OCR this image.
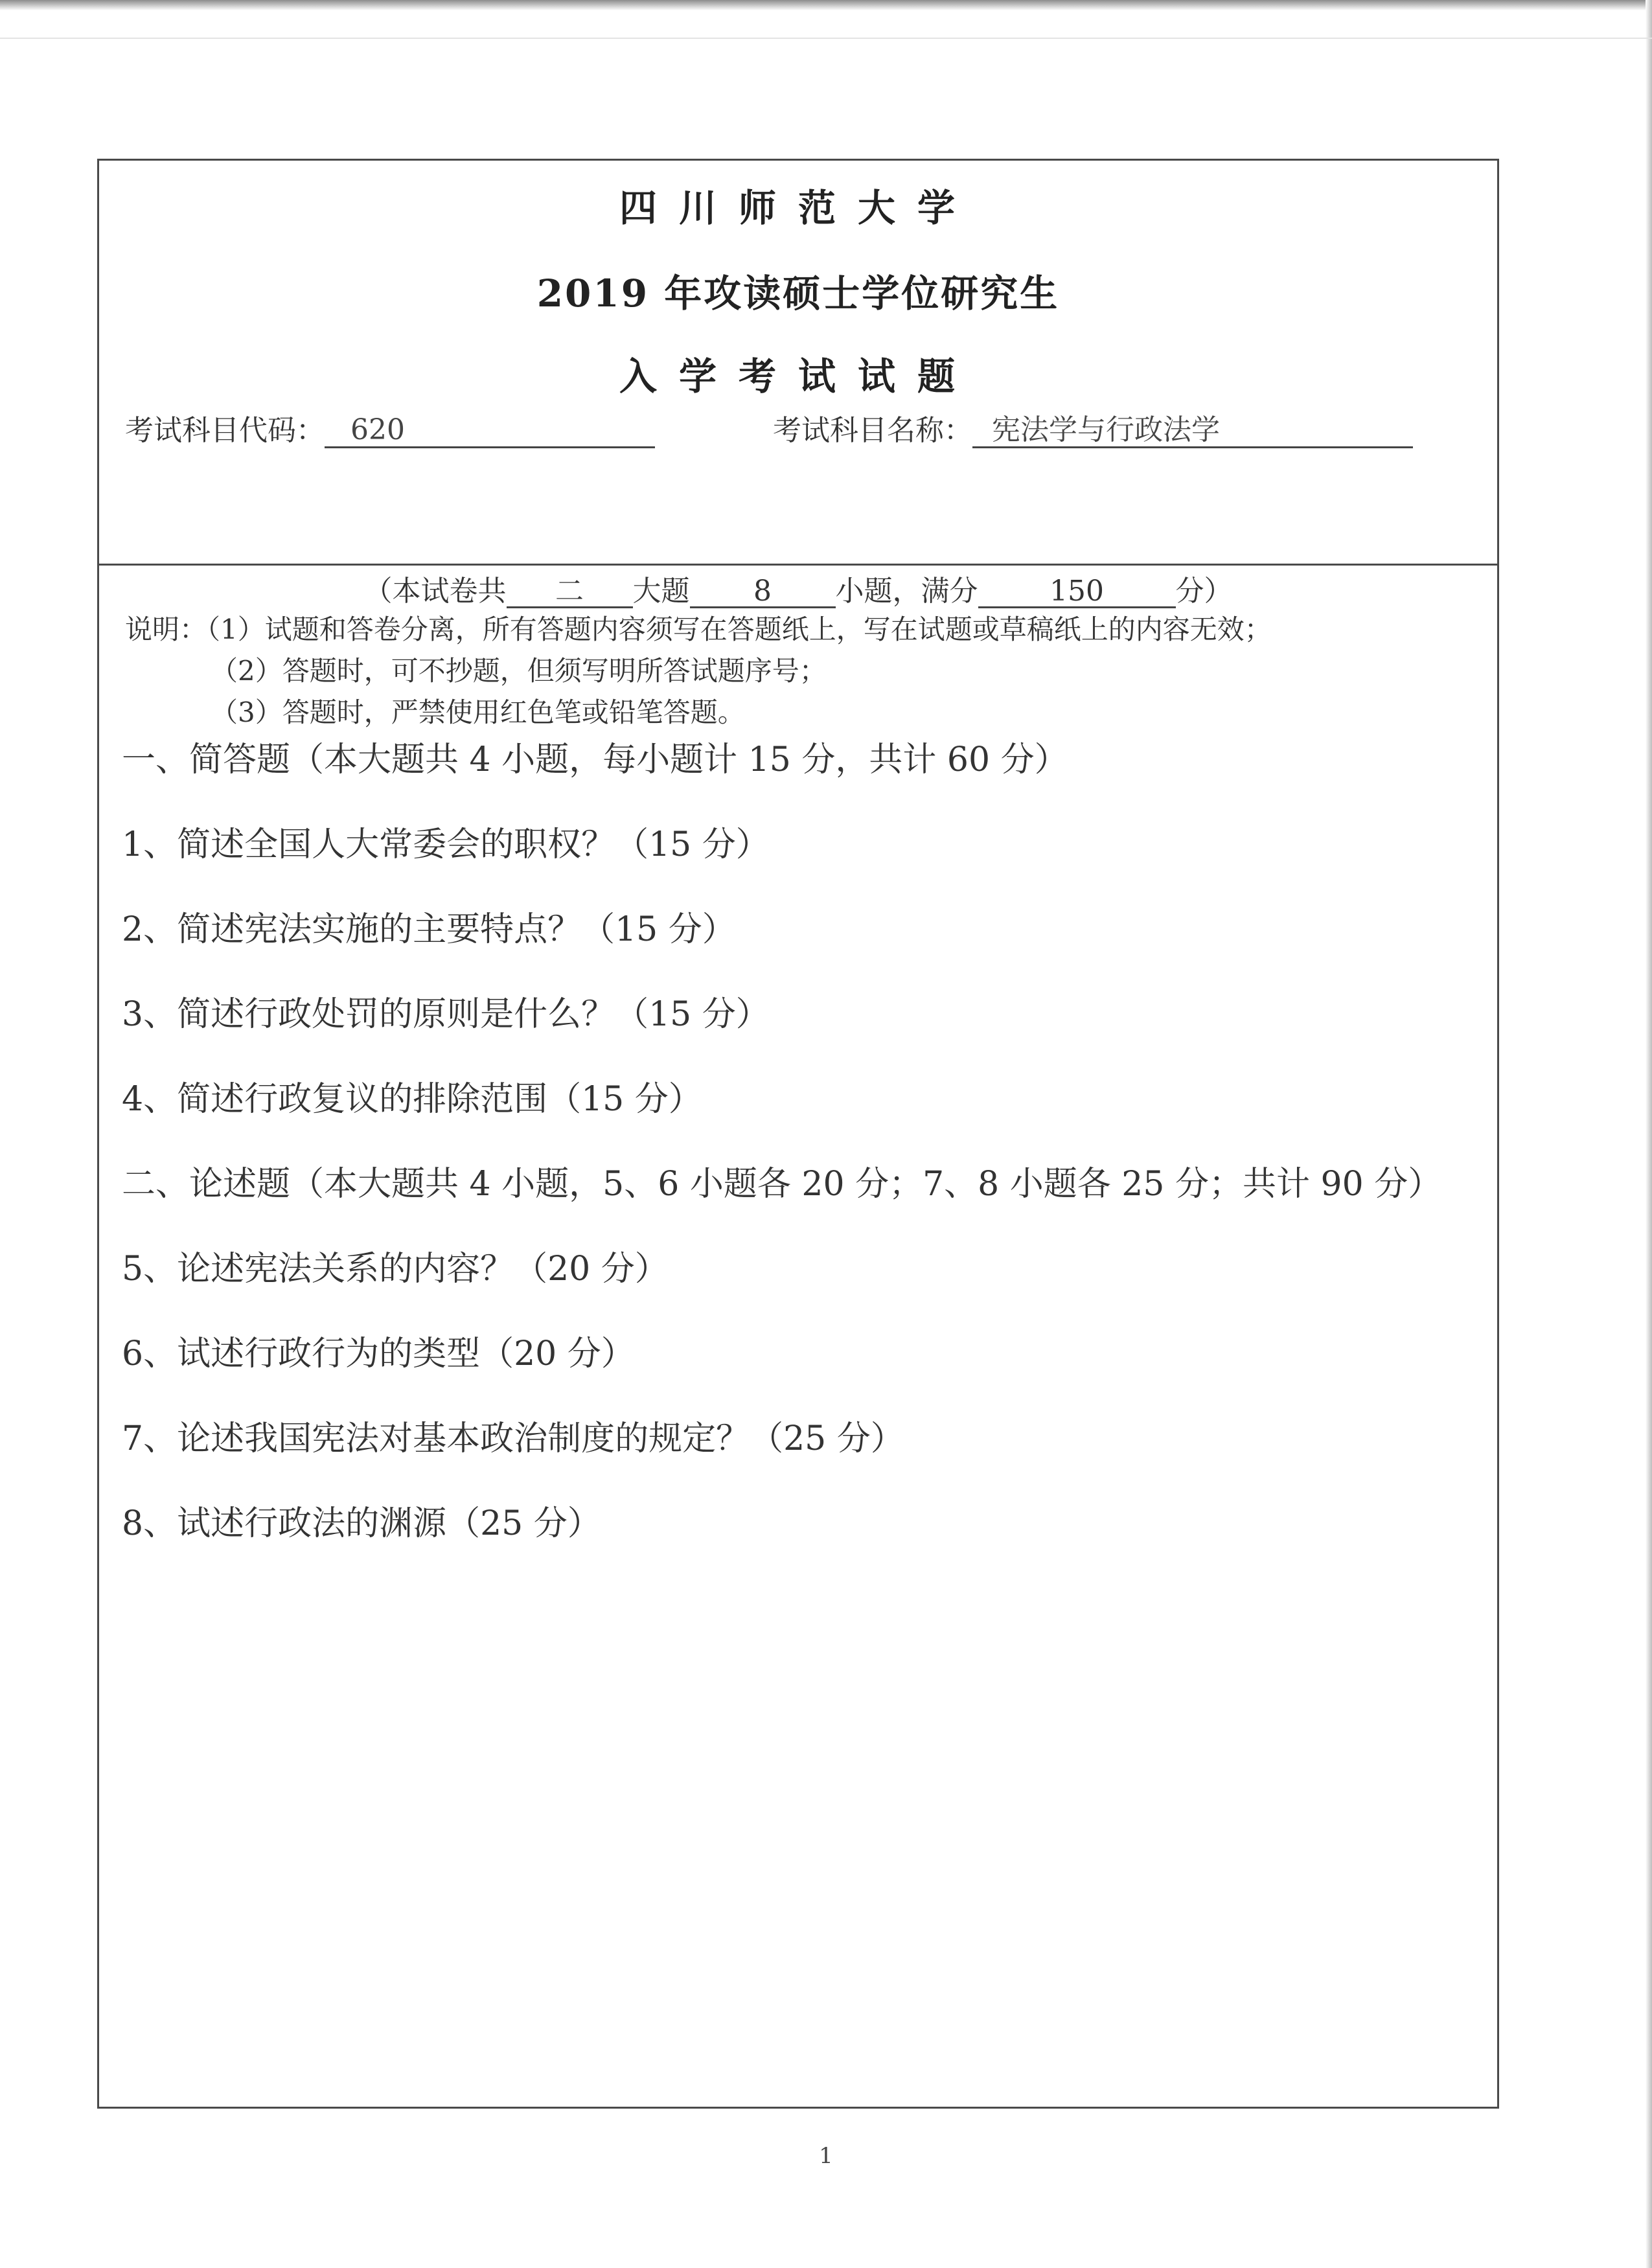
四川师范大学
2019 年攻读硕士学位研究生
入学考试试题
考试科目代码： 620	考试科目名称： 宪法学与行政法学
（本试卷共 二 大题 8 小题，满分	150	分）
说明：（1）试题和答卷分离，所有答题内容须写在答题纸上，写在试题或草稿纸上的内容无效；
（2）答题时，可不抄题，但须写明所答试题序号；
（3）答题时，严禁使用红色笔或铅笔答题。
一、简答题（本大题共 4 小题，每小题计 15 分，共计 60 分）
1、简述全国人大常委会的职权？（15 分）
2、简述宪法实施的主要特点？（15 分）
3、简述行政处罚的原则是什么？（15 分）
4、简述行政复议的排除范围（15 分）
二、论述题（本大题共 4 小题，5、6 小题各 20 分；7、8 小题各 25 分；共计 90 分）
5、论述宪法关系的内容？（20 分）
6、试述行政行为的类型（20 分）
7、论述我国宪法对基本政治制度的规定？（25 分）
8、试述行政法的渊源（25 分）
1
